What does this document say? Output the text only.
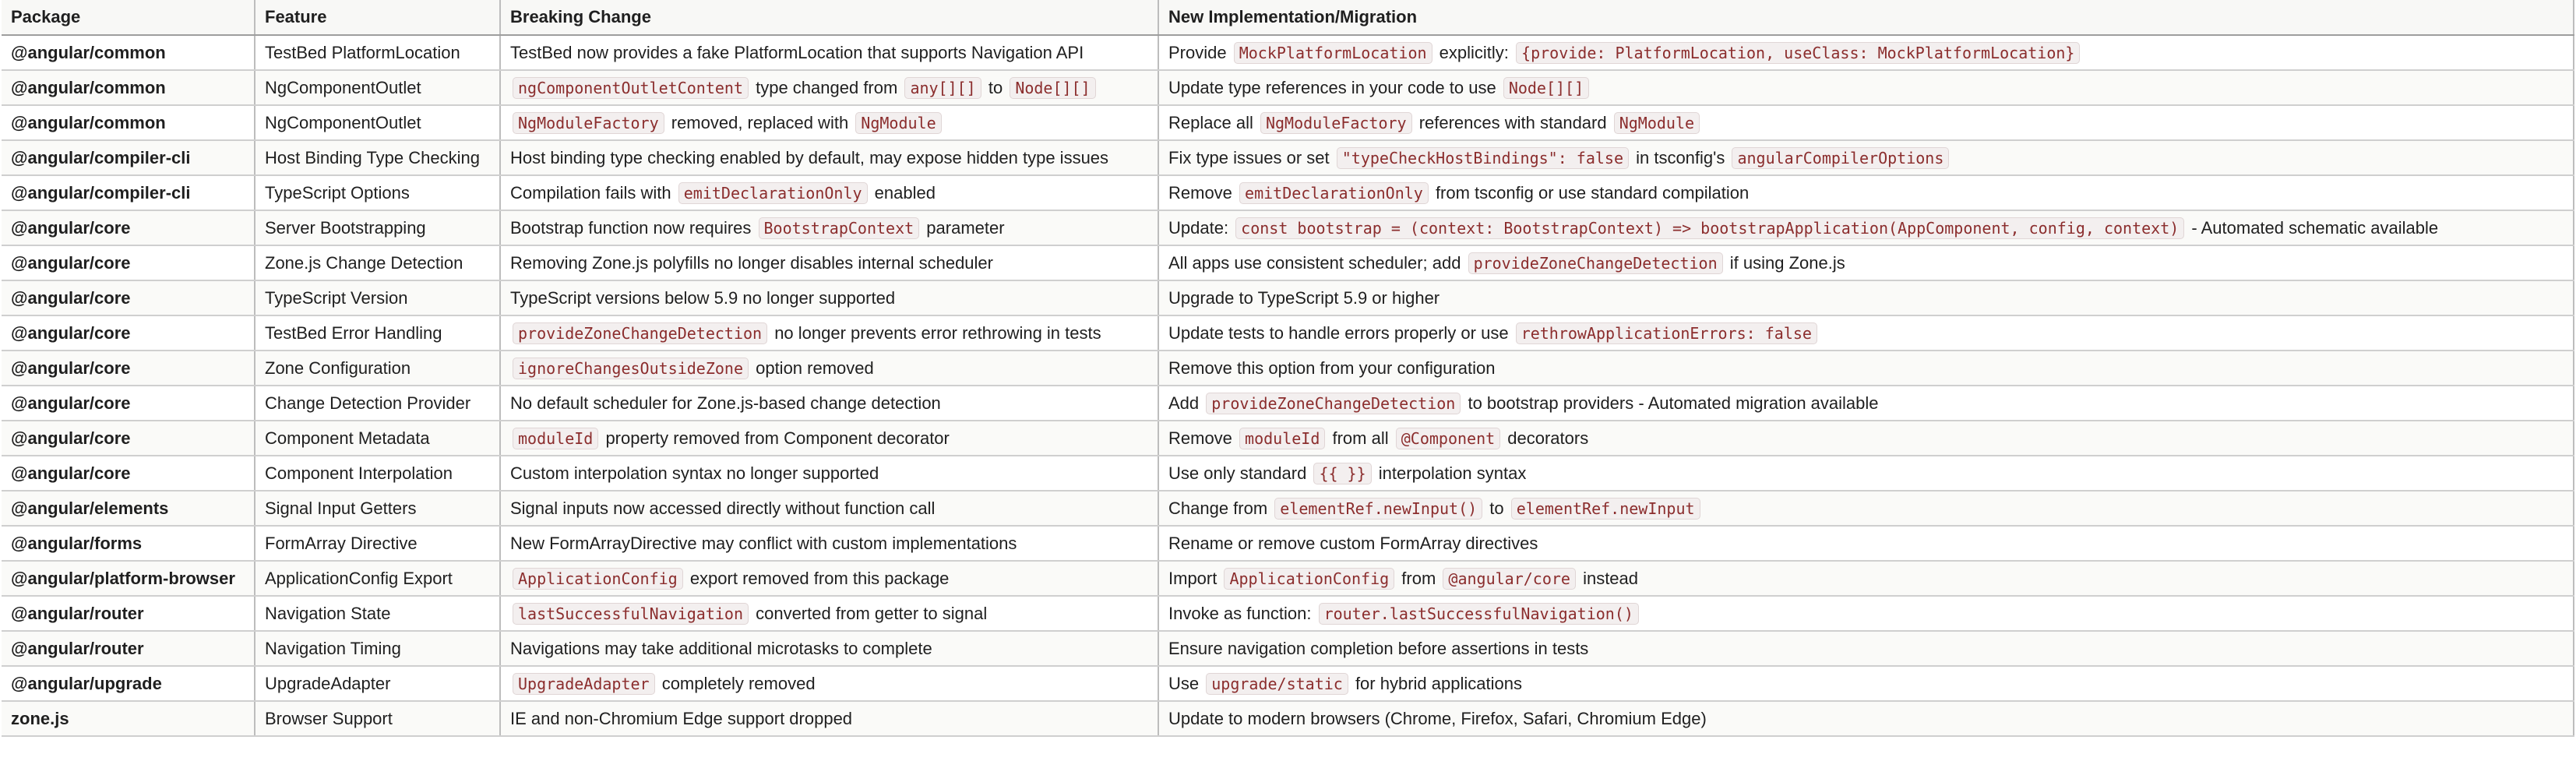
Package	Feature	Breaking Change	New Implementation/Migration
@angular/common	TestBed PlatformLocation	TestBed now provides a fake PlatformLocation that supports Navigation API	Provide MockPlatformLocation explicitly: {provide: PlatformLocation, useClass: MockPlatformLocation}
@angular/common	NgComponentOutlet	ngComponentOutletContent type changed from any[][] to Node[][]	Update type references in your code to use Node[][]
@angular/common	NgComponentOutlet	NgModuleFactory removed, replaced with NgModule	Replace all NgModuleFactory references with standard NgModule
@angular/compiler-cli	Host Binding Type Checking	Host binding type checking enabled by default, may expose hidden type issues	Fix type issues or set "typeCheckHostBindings": false in tsconfig's angularCompilerOptions
@angular/compiler-cli	TypeScript Options	Compilation fails with emitDeclarationOnly enabled	Remove emitDeclarationOnly from tsconfig or use standard compilation
@angular/core	Server Bootstrapping	Bootstrap function now requires BootstrapContext parameter	Update: const bootstrap = (context: BootstrapContext) => bootstrapApplication(AppComponent, config, context) - Automated schematic available
@angular/core	Zone.js Change Detection	Removing Zone.js polyfills no longer disables internal scheduler	All apps use consistent scheduler; add provideZoneChangeDetection if using Zone.js
@angular/core	TypeScript Version	TypeScript versions below 5.9 no longer supported	Upgrade to TypeScript 5.9 or higher
@angular/core	TestBed Error Handling	provideZoneChangeDetection no longer prevents error rethrowing in tests	Update tests to handle errors properly or use rethrowApplicationErrors: false
@angular/core	Zone Configuration	ignoreChangesOutsideZone option removed	Remove this option from your configuration
@angular/core	Change Detection Provider	No default scheduler for Zone.js-based change detection	Add provideZoneChangeDetection to bootstrap providers - Automated migration available
@angular/core	Component Metadata	moduleId property removed from Component decorator	Remove moduleId from all @Component decorators
@angular/core	Component Interpolation	Custom interpolation syntax no longer supported	Use only standard {{ }} interpolation syntax
@angular/elements	Signal Input Getters	Signal inputs now accessed directly without function call	Change from elementRef.newInput() to elementRef.newInput
@angular/forms	FormArray Directive	New FormArrayDirective may conflict with custom implementations	Rename or remove custom FormArray directives
@angular/platform-browser	ApplicationConfig Export	ApplicationConfig export removed from this package	Import ApplicationConfig from @angular/core instead
@angular/router	Navigation State	lastSuccessfulNavigation converted from getter to signal	Invoke as function: router.lastSuccessfulNavigation()
@angular/router	Navigation Timing	Navigations may take additional microtasks to complete	Ensure navigation completion before assertions in tests
@angular/upgrade	UpgradeAdapter	UpgradeAdapter completely removed	Use upgrade/static for hybrid applications
zone.js	Browser Support	IE and non-Chromium Edge support dropped	Update to modern browsers (Chrome, Firefox, Safari, Chromium Edge)
